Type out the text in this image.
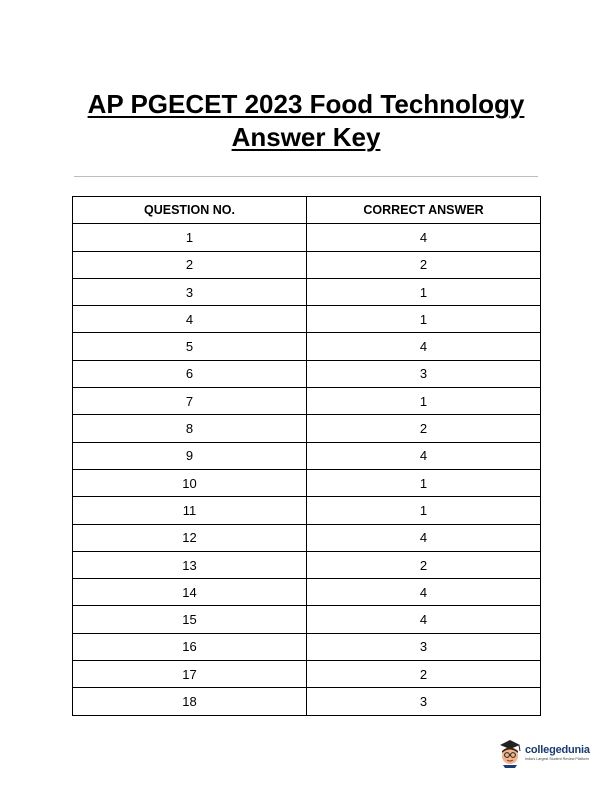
AP PGECET 2023 Food Technology
Answer Key
QUESTION NO.	CORRECT ANSWER
1	4
2	2
3	1
4	1
5	4
6	3
7	1
8	2
9	4
10	1
11	1
12	4
13	2
14	4
15	4
16	3
17	2
18	3
collegedunia
India's Largest Student Review Platform
